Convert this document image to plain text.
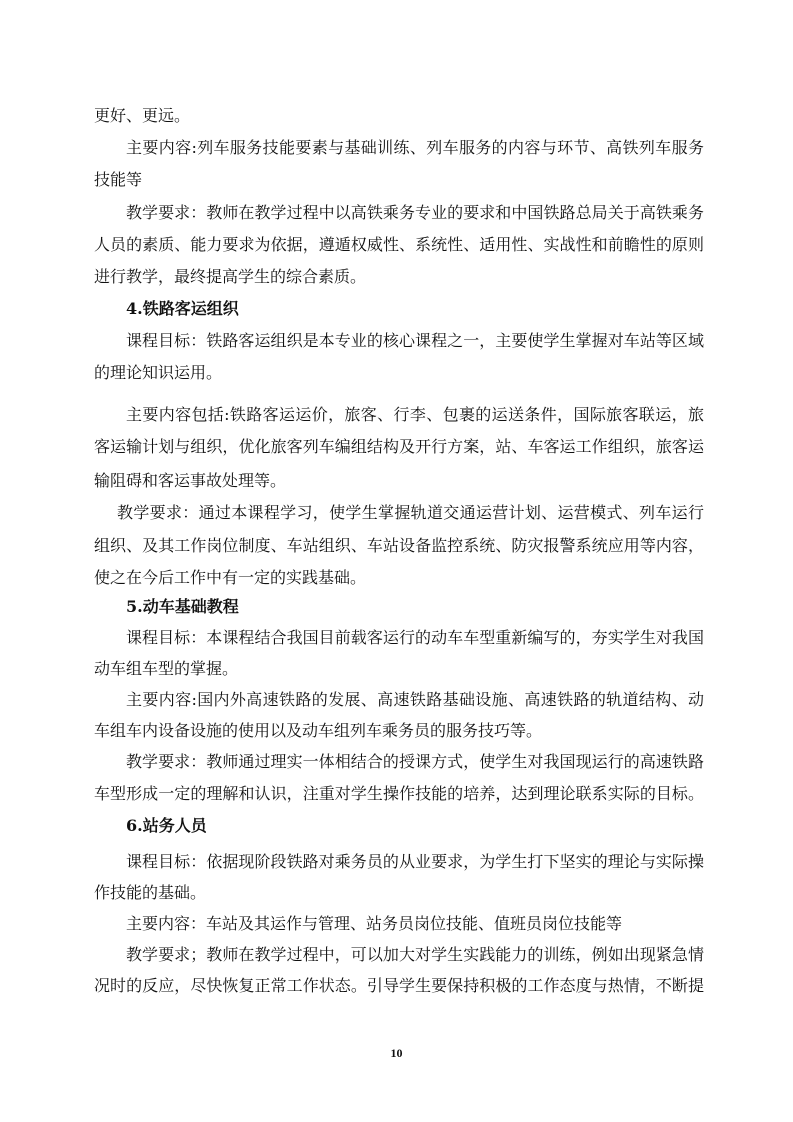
更好、更远。
主要内容:列车服务技能要素与基础训练、列车服务的内容与环节、高铁列车服务
技能等
教学要求：教师在教学过程中以高铁乘务专业的要求和中国铁路总局关于高铁乘务
人员的素质、能力要求为依据，遵遁权威性、系统性、适用性、实战性和前瞻性的原则
进行教学，最终提高学生的综合素质。
4.铁路客运组织
课程目标：铁路客运组织是本专业的核心课程之一，主要使学生掌握对车站等区域
的理论知识运用。
主要内容包括:铁路客运运价，旅客、行李、包裹的运送条件，国际旅客联运，旅
客运输计划与组织，优化旅客列车编组结构及开行方案，站、车客运工作组织，旅客运
输阻碍和客运事故处理等。
教学要求：通过本课程学习，使学生掌握轨道交通运营计划、运营模式、列车运行
组织、及其工作岗位制度、车站组织、车站设备监控系统、防灾报警系统应用等内容，
使之在今后工作中有一定的实践基础。
5.动车基础教程
课程目标：本课程结合我国目前载客运行的动车车型重新编写的，夯实学生对我国
动车组车型的掌握。
主要内容:国内外高速铁路的发展、高速铁路基础设施、高速铁路的轨道结构、动
车组车内设备设施的使用以及动车组列车乘务员的服务技巧等。
教学要求：教师通过理实一体相结合的授课方式，使学生对我国现运行的高速铁路
车型形成一定的理解和认识，注重对学生操作技能的培养，达到理论联系实际的目标。
6.站务人员
课程目标：依据现阶段铁路对乘务员的从业要求，为学生打下坚实的理论与实际操
作技能的基础。
主要内容：车站及其运作与管理、站务员岗位技能、值班员岗位技能等
教学要求；教师在教学过程中，可以加大对学生实践能力的训练，例如出现紧急情
况时的反应，尽快恢复正常工作状态。引导学生要保持积极的工作态度与热情，不断提
10
